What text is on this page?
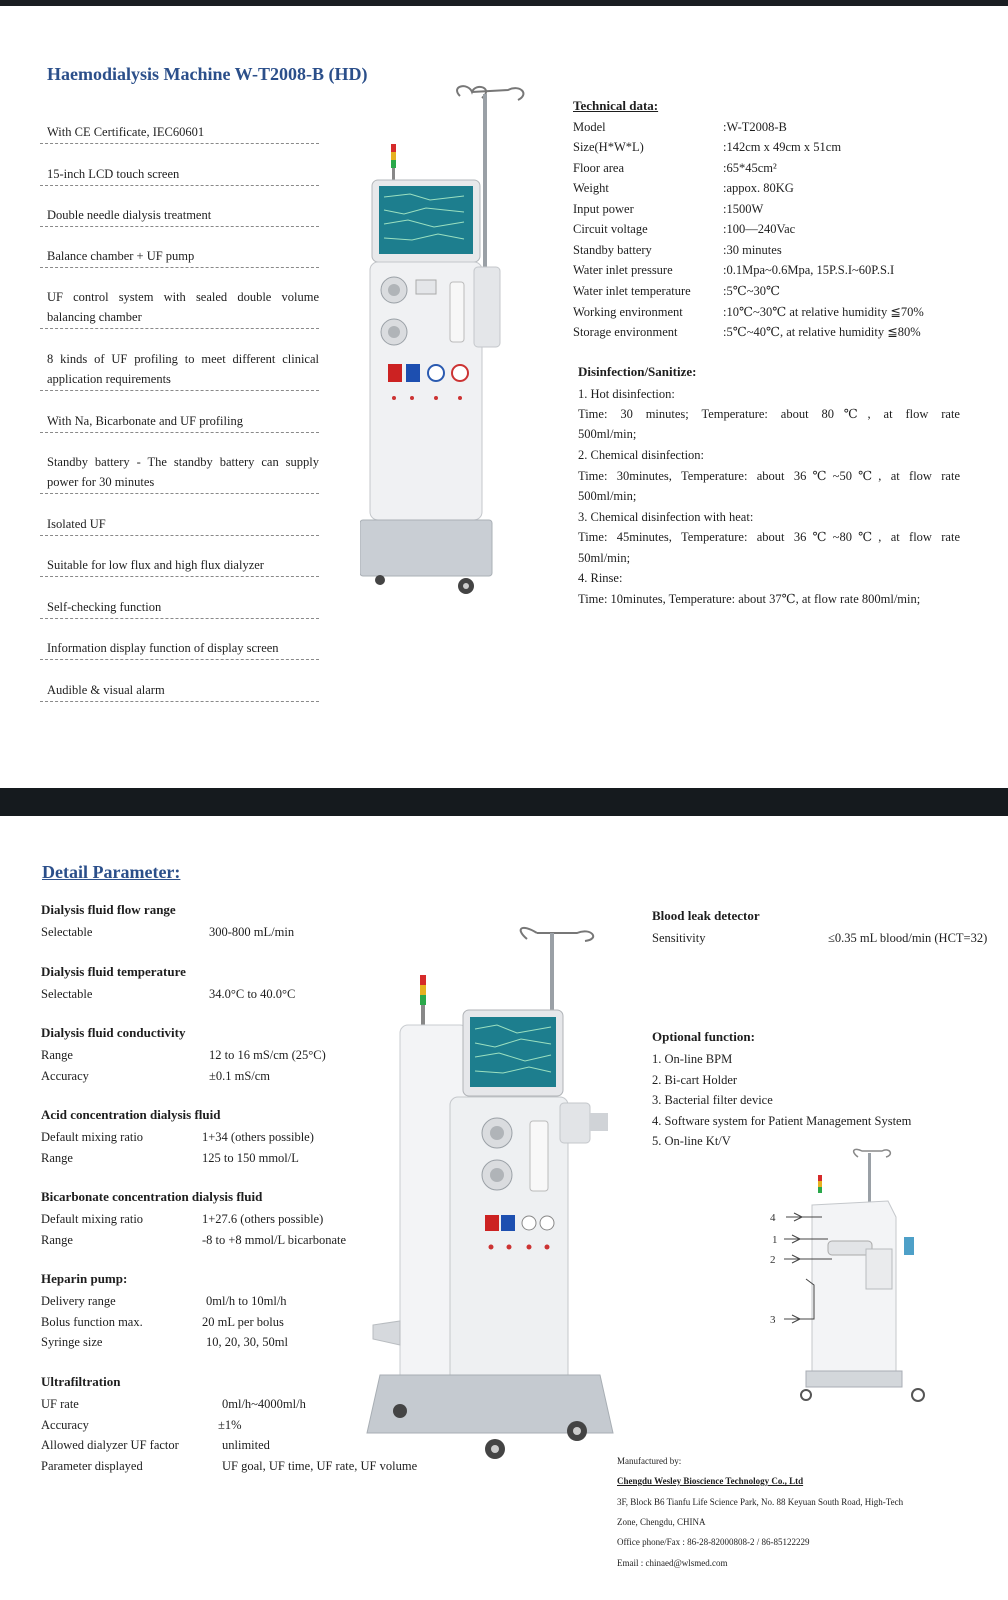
Haemodialysis Machine W-T2008-B (HD)
With CE Certificate, IEC60601
15-inch LCD touch screen
Double needle dialysis treatment
Balance chamber + UF pump
UF control system with sealed double volume balancing chamber
8 kinds of UF profiling to meet different clinical application requirements
With Na, Bicarbonate and UF profiling
Standby battery - The standby battery can supply power for 30 minutes
Isolated UF
Suitable for low flux and high flux dialyzer
Self-checking function
Information display function of display screen
Audible & visual alarm
Technical data:
Model	:W-T2008-B
Size(H*W*L)	:142cm x 49cm x 51cm
Floor area	:65*45cm²
Weight	:appox. 80KG
Input power	:1500W
Circuit voltage	:100—240Vac
Standby battery	:30 minutes
Water inlet pressure	:0.1Mpa~0.6Mpa, 15P.S.I~60P.S.I
Water inlet temperature	:5℃~30℃
Working environment	:10℃~30℃ at relative humidity ≦70%
Storage environment	:5℃~40℃, at relative humidity ≦80%
Disinfection/Sanitize:
1. Hot disinfection:
Time: 30 minutes; Temperature: about 80℃, at flow rate
500ml/min;
2. Chemical disinfection:
Time: 30minutes, Temperature: about 36℃~50℃, at flow rate
500ml/min;
3. Chemical disinfection with heat:
Time: 45minutes, Temperature: about 36℃~80℃, at flow rate
50ml/min;
4. Rinse:
Time: 10minutes, Temperature: about 37℃, at flow rate 800ml/min;
Detail Parameter:
4
1
2
3
Dialysis fluid flow range
Selectable	300-800 mL/min
Dialysis fluid temperature
Selectable	34.0°C to 40.0°C
Dialysis fluid conductivity
Range	12 to 16 mS/cm (25°C)
Accuracy	±0.1 mS/cm
Acid concentration dialysis fluid
Default mixing ratio	1+34 (others possible)
Range	125 to 150 mmol/L
Bicarbonate concentration dialysis fluid
Default mixing ratio	1+27.6 (others possible)
Range	-8 to +8 mmol/L bicarbonate
Heparin pump:
Delivery range	0ml/h to 10ml/h
Bolus function max.	20 mL per bolus
Syringe size	10, 20, 30, 50ml
Ultrafiltration
UF rate	0ml/h~4000ml/h
Accuracy	±1%
Allowed dialyzer UF factor	unlimited
Parameter displayed	UF goal, UF time, UF rate, UF volume
Blood leak detector
Sensitivity	≤0.35 mL blood/min (HCT=32)
Optional function:
1. On-line BPM
2. Bi-cart Holder
3. Bacterial filter device
4. Software system for Patient Management System
5. On-line Kt/V
Manufactured by:
Chengdu Wesley Bioscience Technology Co., Ltd
3F, Block B6 Tianfu Life Science Park, No. 88 Keyuan South Road, High-Tech
Zone, Chengdu, CHINA
Office phone/Fax : 86-28-82000808-2 / 86-85122229
Email : chinaed@wlsmed.com
